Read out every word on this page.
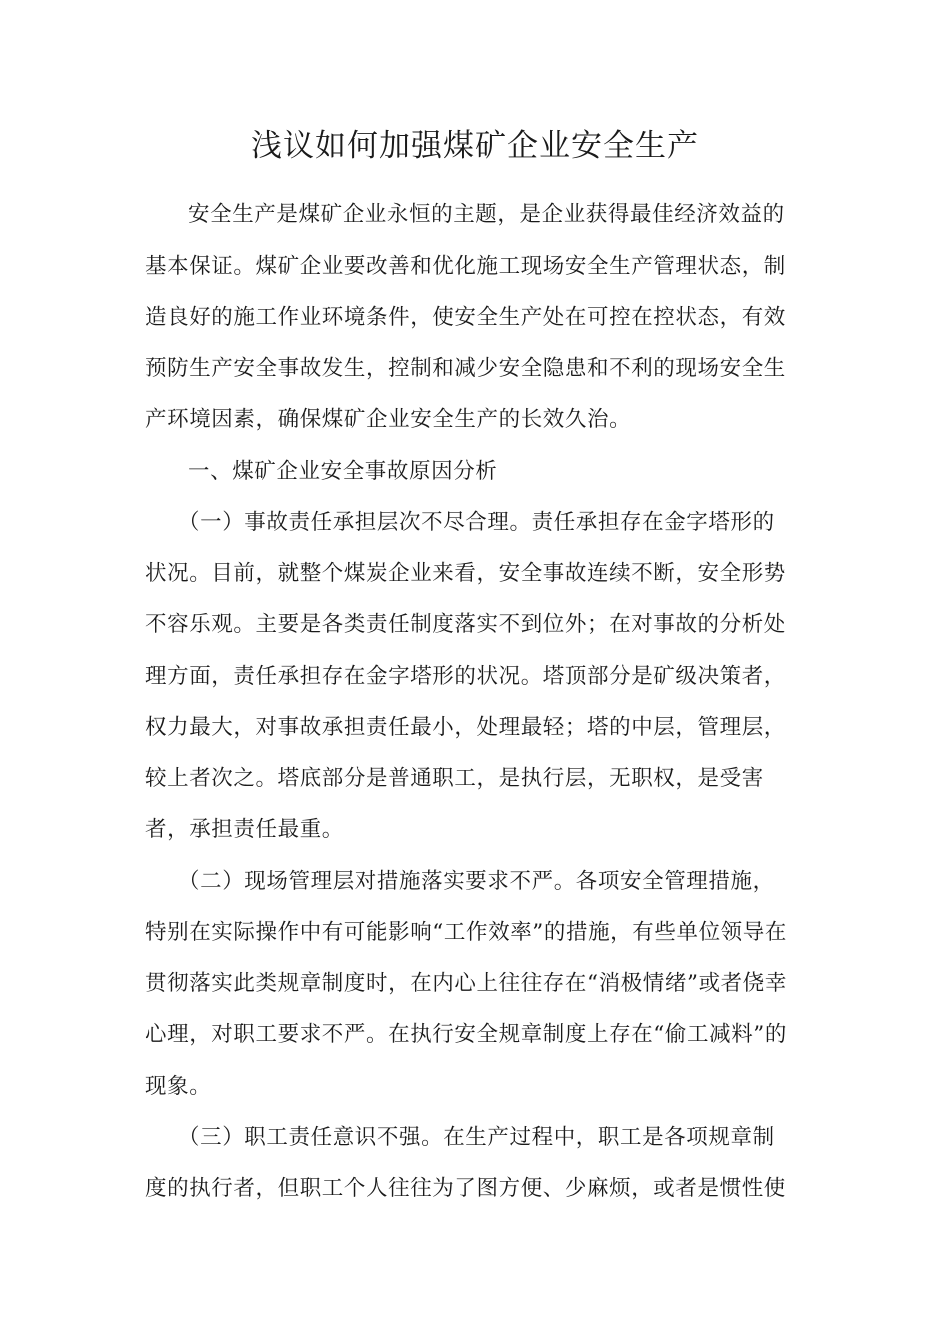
浅议如何加强煤矿企业安全生产

安全生产是煤矿企业永恒的主题，是企业获得最佳经济效益的

基本保证。煤矿企业要改善和优化施工现场安全生产管理状态，制

造良好的施工作业环境条件，使安全生产处在可控在控状态，有效

预防生产安全事故发生，控制和减少安全隐患和不利的现场安全生

产环境因素，确保煤矿企业安全生产的长效久治。

一、煤矿企业安全事故原因分析

（一）事故责任承担层次不尽合理。责任承担存在金字塔形的

状况。目前，就整个煤炭企业来看，安全事故连续不断，安全形势

不容乐观。主要是各类责任制度落实不到位外；在对事故的分析处

理方面，责任承担存在金字塔形的状况。塔顶部分是矿级决策者，

权力最大，对事故承担责任最小，处理最轻；塔的中层，管理层，

较上者次之。塔底部分是普通职工，是执行层，无职权，是受害

者，承担责任最重。

（二）现场管理层对措施落实要求不严。各项安全管理措施，

特别在实际操作中有可能影响“工作效率”的措施，有些单位领导在

贯彻落实此类规章制度时，在内心上往往存在“消极情绪”或者侥幸

心理，对职工要求不严。在执行安全规章制度上存在“偷工减料”的

现象。

（三）职工责任意识不强。在生产过程中，职工是各项规章制

度的执行者，但职工个人往往为了图方便、少麻烦，或者是惯性使
